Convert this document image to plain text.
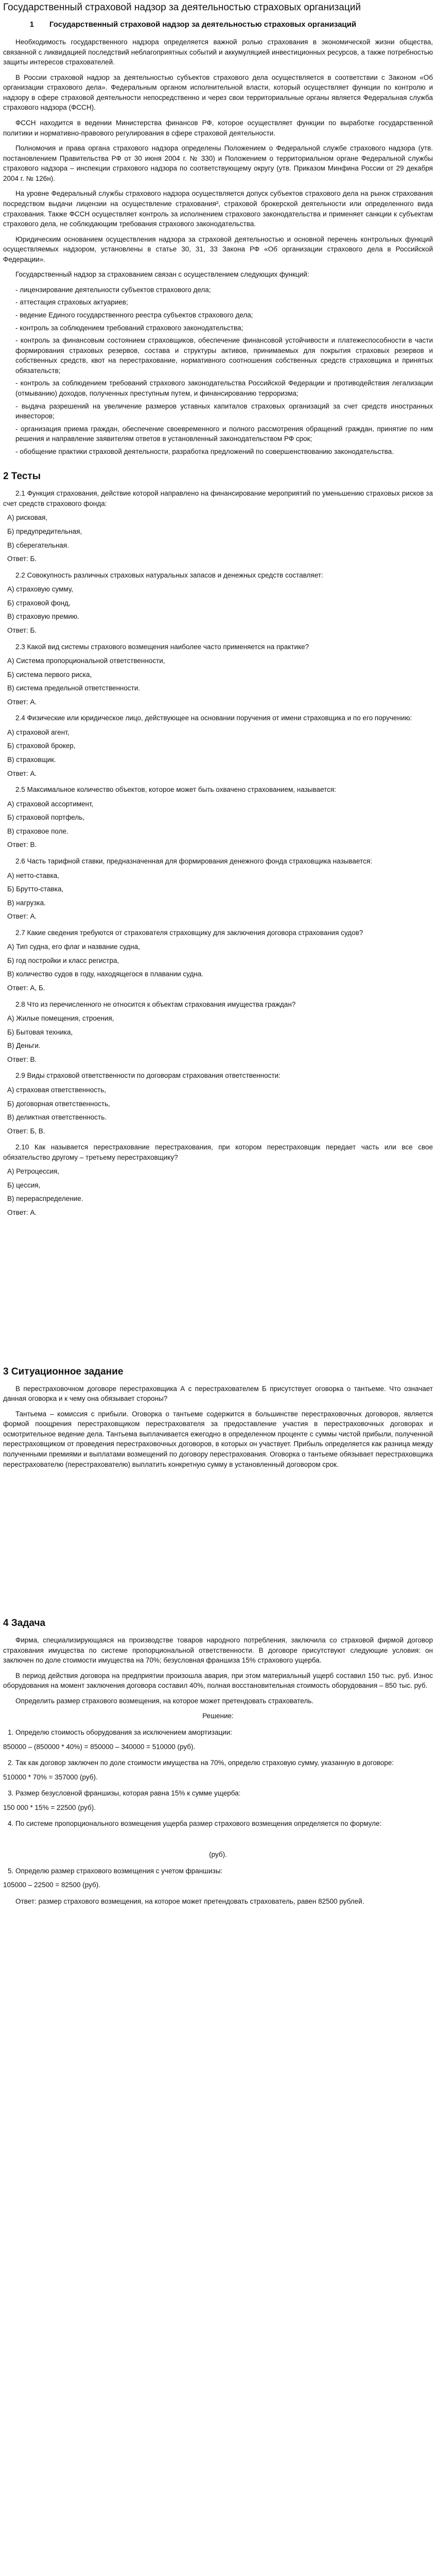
Государственный страховой надзор за деятельностью страховых организаций
1 Государственный страховой надзор за деятельностью страховых организаций

Необходимость государственного надзора определяется важной ролью страхования в экономической жизни общества, связанной с ликвидацией последствий неблагоприятных событий и аккумуляцией инвестиционных ресурсов, а также потребностью защиты интересов страхователей.

В России страховой надзор за деятельностью субъектов страхового дела осуществляется в соответствии с Законом «Об организации страхового дела». Федеральным органом исполнительной власти, который осуществляет функции по контролю и надзору в сфере страховой деятельности непосредственно и через свои территориальные органы является Федеральная служба страхового надзора (ФССН).

ФССН находится в ведении Министерства финансов РФ, которое осуществляет функции по выработке государственной политики и нормативно-правового регулирования в сфере страховой деятельности.

Полномочия и права органа страхового надзора определены Положением о Федеральной службе страхового надзора (утв. постановлением Правительства РФ от 30 июня 2004 г. № 330) и Положением о территориальном органе Федеральной службы страхового надзора – инспекции страхового надзора по соответствующему округу (утв. Приказом Минфина России от 29 декабря 2004 г. № 126н).

На уровне Федеральный службы страхового надзора осуществляется допуск субъектов страхового дела на рынок страхования посредством выдачи лицензии на осуществление страхования², страховой брокерской деятельности или определенного вида страхования. Также ФССН осуществляет контроль за исполнением страхового законодательства и применяет санкции к субъектам страхового дела, не соблюдающим требования страхового законодательства.

Юридическим основанием осуществления надзора за страховой деятельностью и основной перечень контрольных функций осуществляемых надзором, установлены в статье 30, 31, 33 Закона РФ «Об организации страхового дела в Российской Федерации».

Государственный надзор за страхованием связан с осуществлением следующих функций:

- лицензирование деятельности субъектов страхового дела;

- аттестация страховых актуариев;

- ведение Единого государственного реестра субъектов страхового дела;

- контроль за соблюдением требований страхового законодательства;

- контроль за финансовым состоянием страховщиков, обеспечение финансовой устойчивости и платежеспособности в части формирования страховых резервов, состава и структуры активов, принимаемых для покрытия страховых резервов и собственных средств, квот на перестрахование, нормативного соотношения собственных средств страховщика и принятых обязательств;

- контроль за соблюдением требований страхового законодательства Российской Федерации и противодействия легализации (отмыванию) доходов, полученных преступным путем, и финансированию терроризма;

- выдача разрешений на увеличение размеров уставных капиталов страховых организаций за счет средств иностранных инвесторов;

- организация приема граждан, обеспечение своевременного и полного рассмотрения обращений граждан, принятие по ним решения и направление заявителям ответов в установленный законодательством РФ срок;

- обобщение практики страховой деятельности, разработка предложений по совершенствованию законодательства.

2 Тесты

2.1 Функция страхования, действие которой направлено на финансирование мероприятий по уменьшению страховых рисков за счет средств страхового фонда:

А) рисковая,

Б) предупредительная,

В) сберегательная.

Ответ: Б.

2.2 Совокупность различных страховых натуральных запасов и денежных средств составляет:

А) страховую сумму,

Б) страховой фонд,

В) страховую премию.

Ответ: Б.

2.3 Какой вид системы страхового возмещения наиболее часто применяется на практике?

А) Система пропорциональной ответственности,

Б) система первого риска,

В) система предельной ответственности.

Ответ: А.

2.4 Физические или юридическое лицо, действующее на основании поручения от имени страховщика и по его поручению:

А) страховой агент,

Б) страховой брокер,

В) страховщик.

Ответ: А.

2.5 Максимальное количество объектов, которое может быть охвачено страхованием, называется:

А) страховой ассортимент,

Б) страховой портфель,

В) страховое поле.

Ответ: В.

2.6 Часть тарифной ставки, предназначенная для формирования денежного фонда страховщика называется:

А) нетто-ставка,

Б) Брутто-ставка,

В) нагрузка.

Ответ: А.

2.7 Какие сведения требуются от страхователя страховщику для заключения договора страхования судов?

А) Тип судна, его флаг и название судна,

Б) год постройки и класс регистра,

В) количество судов в году, находящегося в плавании судна.

Ответ: А, Б.

2.8 Что из перечисленного не относится к объектам страхования имущества граждан?

А) Жилые помещения, строения,

Б) Бытовая техника,

В) Деньги.

Ответ: В.

2.9 Виды страховой ответственности по договорам страхования ответственности:

А) страховая ответственность,

Б) договорная ответственность,

В) деликтная ответственность.

Ответ: Б, В.

2.10 Как называется перестрахование перестрахования, при котором перестраховщик передает часть или все свое обязательство другому – третьему перестраховщику?

А) Ретроцессия,

Б) цессия,

В) перераспределение.

Ответ: А.

3 Ситуационное задание

В перестраховочном договоре перестраховщика А с перестрахователем Б присутствует оговорка о тантьеме. Что означает данная оговорка и к чему она обязывает стороны?

Тантьема – комиссия с прибыли. Оговорка о тантьеме содержится в большинстве перестраховочных договоров, является формой поощрения перестраховщиком перестрахователя за предоставление участия в перестраховочных договорах и осмотрительное ведение дела. Тантьема выплачивается ежегодно в определенном проценте с суммы чистой прибыли, полученной перестраховщиком от проведения перестраховочных договоров, в которых он участвует. Прибыль определяется как разница между полученными премиями и выплатами возмещений по договору перестрахования. Оговорка о тантьеме обязывает перестраховщика перестрахователю (перестрахователю) выплатить конкретную сумму в установленный договором срок.

4 Задача

Фирма, специализирующаяся на производстве товаров народного потребления, заключила со страховой фирмой договор страхования имущества по системе пропорциональной ответственности. В договоре присутствуют следующие условия: он заключен по доле стоимости имущества на 70%; безусловная франшиза 15% страхового ущерба.

В период действия договора на предприятии произошла авария, при этом материальный ущерб составил 150 тыс. руб. Износ оборудования на момент заключения договора составил 40%, полная восстановительная стоимость оборудования – 850 тыс. руб.

Определить размер страхового возмещения, на которое может претендовать страхователь.

Решение:

1. Определю стоимость оборудования за исключением амортизации:

850000 – (850000 * 40%) = 850000 – 340000 = 510000 (руб).

2. Так как договор заключен по доле стоимости имущества на 70%, определю страховую сумму, указанную в договоре:

510000 * 70% = 357000 (руб).

3. Размер безусловной франшизы, которая равна 15% к сумме ущерба:

150 000 * 15% = 22500 (руб).

4. По системе пропорционального возмещения ущерба размер страхового возмещения определяется по формуле:

(руб).

5. Определю размер страхового возмещения с учетом франшизы:

105000 – 22500 = 82500 (руб).

Ответ: размер страхового возмещения, на которое может претендовать страхователь, равен 82500 рублей.
